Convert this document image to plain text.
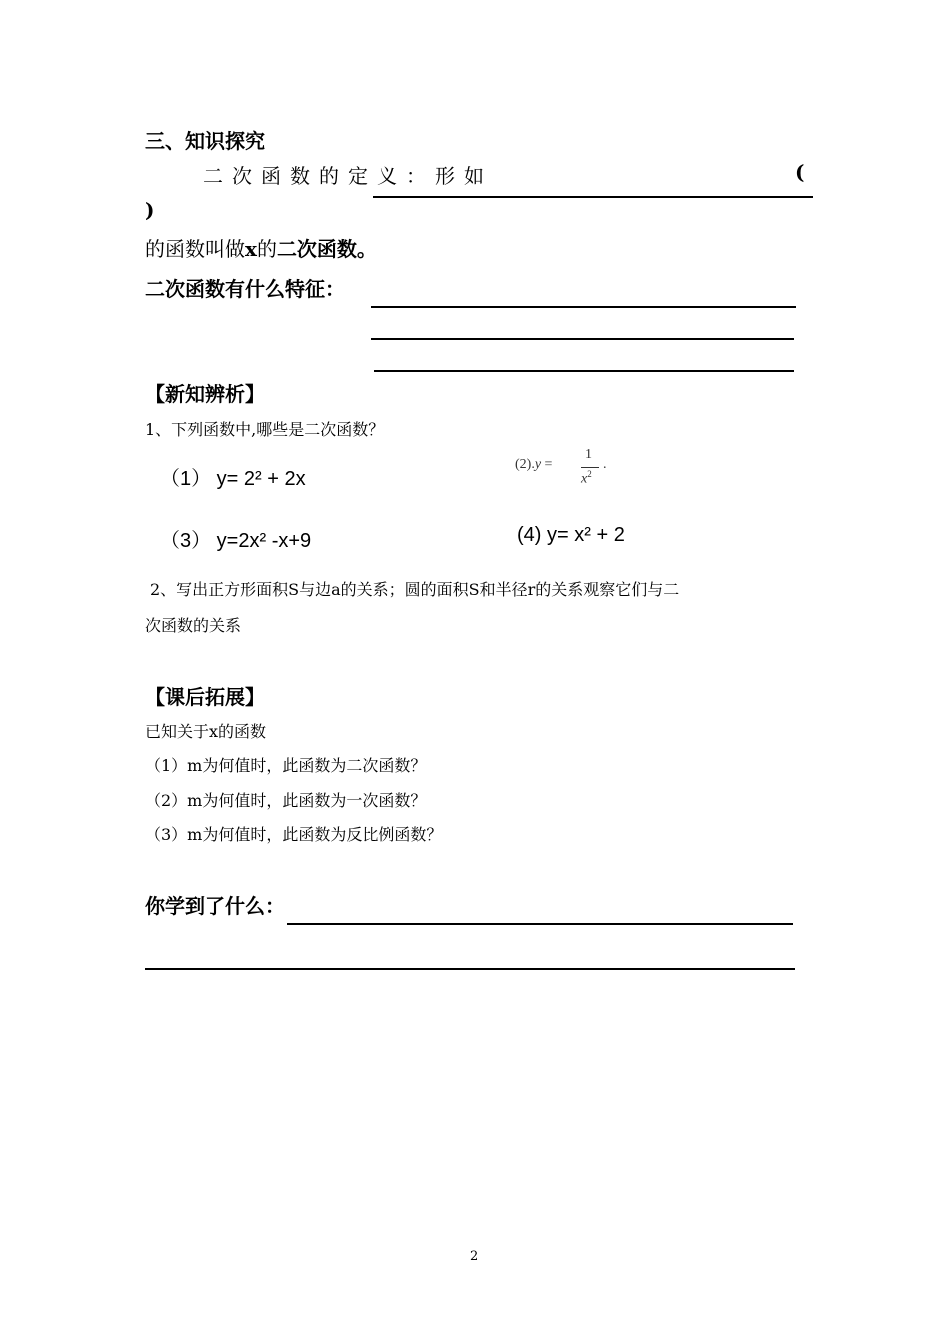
三、知识探究
二次函数的定义：形如	(
)
的函数叫做x的二次函数。
二次函数有什么特征：
【新知辨析】
1、下列函数中,哪些是二次函数？
（1） y= 2² + 2x
(2).y =
1
$x^2$
.
（3） y=2x² -x+9	(4) y= x² + 2
2、写出正方形面积S与边a的关系；圆的面积S和半径r的关系观察它们与二
次函数的关系
【课后拓展】
已知关于x的函数
（1）m为何值时，此函数为二次函数？
（2）m为何值时，此函数为一次函数？
（3）m为何值时，此函数为反比例函数？
你学到了什么：
2
